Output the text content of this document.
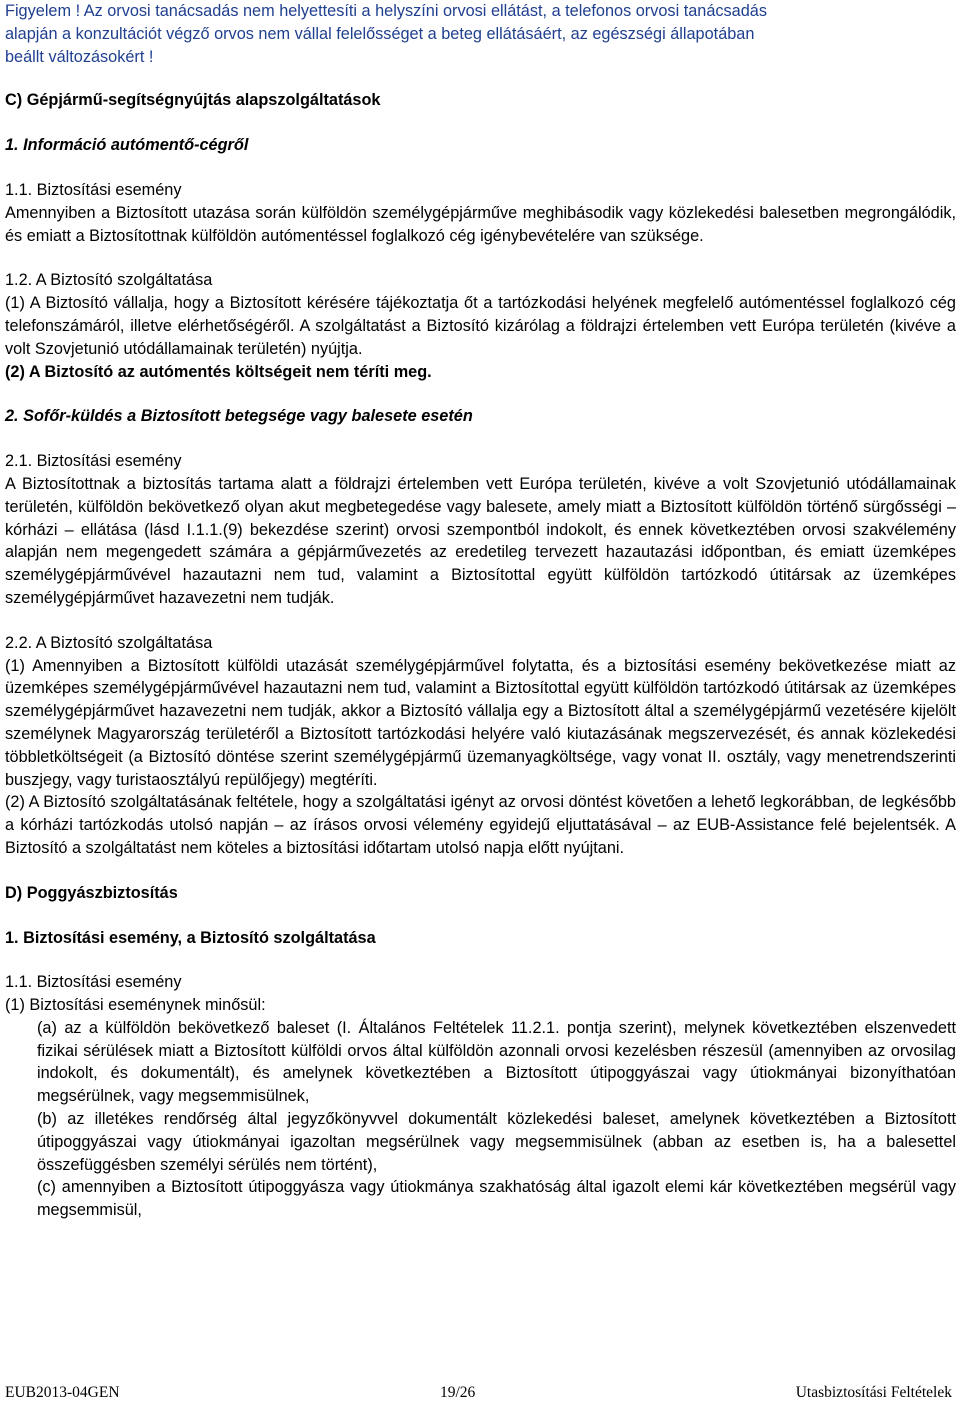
Figyelem ! Az orvosi tanácsadás nem helyettesíti a helyszíni orvosi ellátást, a telefonos orvosi tanácsadás
alapján a konzultációt végző orvos nem vállal felelősséget a beteg ellátásáért, az egészségi állapotában
beállt változásokért !

C) Gépjármű-segítségnyújtás alapszolgáltatások

1. Információ autómentő-cégről

1.1. Biztosítási esemény

Amennyiben a Biztosított utazása során külföldön személygépjárműve meghibásodik vagy közlekedési balesetben megrongálódik, és emiatt a Biztosítottnak külföldön autómentéssel foglalkozó cég igénybevételére van szüksége.

1.2. A Biztosító szolgáltatása

(1) A Biztosító vállalja, hogy a Biztosított kérésére tájékoztatja őt a tartózkodási helyének megfelelő autómentéssel foglalkozó cég telefonszámáról, illetve elérhetőségéről. A szolgáltatást a Biztosító kizárólag a földrajzi értelemben vett Európa területén (kivéve a volt Szovjetunió utódállamainak területén) nyújtja.

(2) A Biztosító az autómentés költségeit nem téríti meg.

2. Sofőr-küldés a Biztosított betegsége vagy balesete esetén

2.1. Biztosítási esemény

A Biztosítottnak a biztosítás tartama alatt a földrajzi értelemben vett Európa területén, kivéve a volt Szovjetunió utódállamainak területén, külföldön bekövetkező olyan akut megbetegedése vagy balesete, amely miatt a Biztosított külföldön történő sürgősségi – kórházi – ellátása (lásd I.1.1.(9) bekezdése szerint) orvosi szempontból indokolt, és ennek következtében orvosi szakvélemény alapján nem megengedett számára a gépjárművezetés az eredetileg tervezett hazautazási időpontban, és emiatt üzemképes személygépjárművével hazautazni nem tud, valamint a Biztosítottal együtt külföldön tartózkodó útitársak az üzemképes személygépjárművet hazavezetni nem tudják.

2.2. A Biztosító szolgáltatása

(1) Amennyiben a Biztosított külföldi utazását személygépjárművel folytatta, és a biztosítási esemény bekövetkezése miatt az üzemképes személygépjárművével hazautazni nem tud, valamint a Biztosítottal együtt külföldön tartózkodó útitársak az üzemképes személygépjárművet hazavezetni nem tudják, akkor a Biztosító vállalja egy a Biztosított által a személygépjármű vezetésére kijelölt személynek Magyarország területéről a Biztosított tartózkodási helyére való kiutazásának megszervezését, és annak közlekedési többletköltségeit (a Biztosító döntése szerint személygépjármű üzemanyagköltsége, vagy vonat II. osztály, vagy menetrendszerinti buszjegy, vagy turistaosztályú repülőjegy) megtéríti.

(2) A Biztosító szolgáltatásának feltétele, hogy a szolgáltatási igényt az orvosi döntést követően a lehető legkorábban, de legkésőbb a kórházi tartózkodás utolsó napján – az írásos orvosi vélemény egyidejű eljuttatásával – az EUB-Assistance felé bejelentsék. A Biztosító a szolgáltatást nem köteles a biztosítási időtartam utolsó napja előtt nyújtani.

D) Poggyászbiztosítás

1. Biztosítási esemény, a Biztosító szolgáltatása

1.1. Biztosítási esemény

(1) Biztosítási eseménynek minősül:

(a) az a külföldön bekövetkező baleset (I. Általános Feltételek 11.2.1. pontja szerint), melynek következtében elszenvedett fizikai sérülések miatt a Biztosított külföldi orvos által külföldön azonnali orvosi kezelésben részesül (amennyiben az orvosilag indokolt, és dokumentált), és amelynek következtében a Biztosított útipoggyászai vagy útiokmányai bizonyíthatóan megsérülnek, vagy megsemmisülnek,

(b) az illetékes rendőrség által jegyzőkönyvvel dokumentált közlekedési baleset, amelynek következtében a Biztosított útipoggyászai vagy útiokmányai igazoltan megsérülnek vagy megsemmisülnek (abban az esetben is, ha a balesettel összefüggésben személyi sérülés nem történt),

(c) amennyiben a Biztosított útipoggyásza vagy útiokmánya szakhatóság által igazolt elemi kár következtében megsérül vagy megsemmisül,

EUB2013-04GEN	19/26	Utasbiztosítási Feltételek
